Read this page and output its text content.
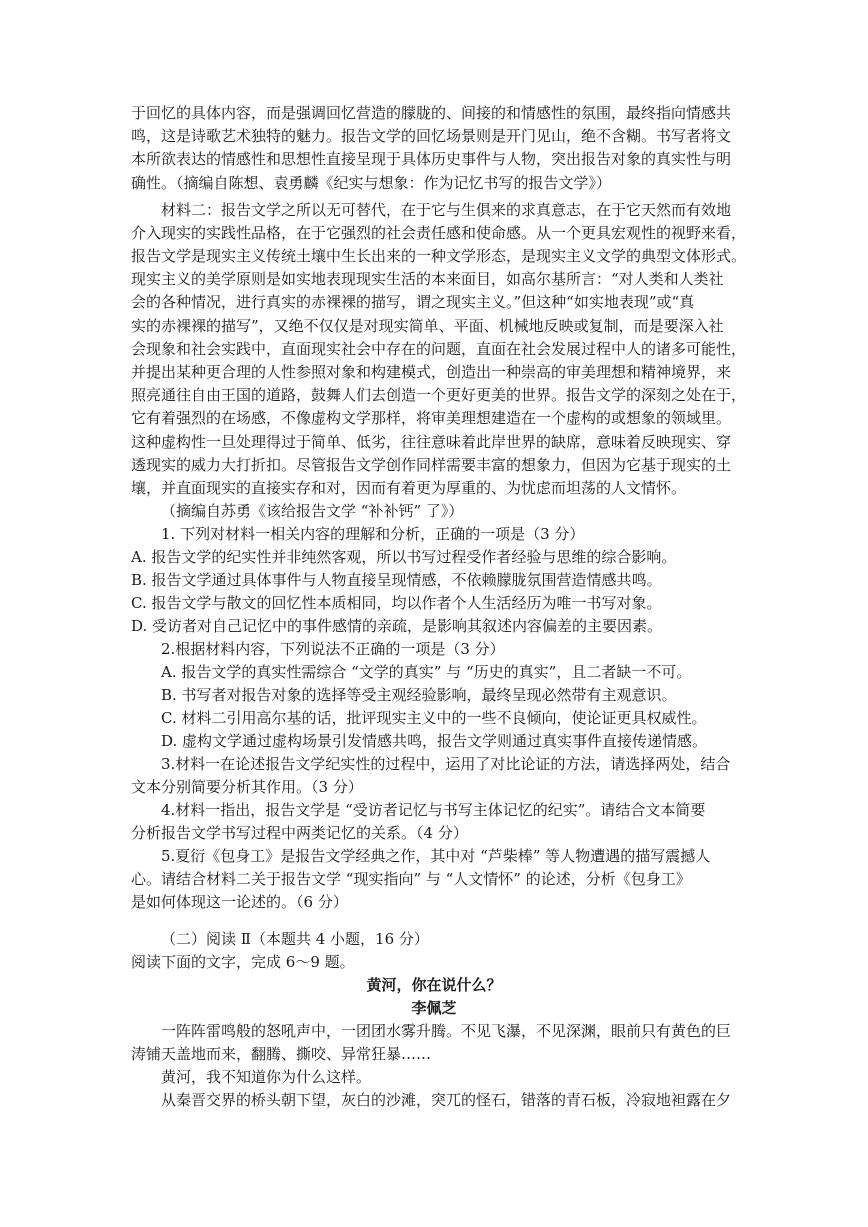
于回忆的具体内容，而是强调回忆营造的朦胧的、间接的和情感性的氛围，最终指向情感共
鸣，这是诗歌艺术独特的魅力。报告文学的回忆场景则是开门见山，绝不含糊。书写者将文
本所欲表达的情感性和思想性直接呈现于具体历史事件与人物，突出报告对象的真实性与明
确性。（摘编自陈想、袁勇麟《纪实与想象：作为记忆书写的报告文学》）
材料二：报告文学之所以无可替代，在于它与生俱来的求真意志，在于它天然而有效地
介入现实的实践性品格，在于它强烈的社会责任感和使命感。从一个更具宏观性的视野来看，
报告文学是现实主义传统土壤中生长出来的一种文学形态，是现实主义文学的典型文体形式。
现实主义的美学原则是如实地表现现实生活的本来面目，如高尔基所言：“对人类和人类社
会的各种情况，进行真实的赤裸裸的描写，谓之现实主义。”但这种“如实地表现”或“真
实的赤裸裸的描写”，又绝不仅仅是对现实简单、平面、机械地反映或复制，而是要深入社
会现象和社会实践中，直面现实社会中存在的问题，直面在社会发展过程中人的诸多可能性，
并提出某种更合理的人性参照对象和构建模式，创造出一种崇高的审美理想和精神境界，来
照亮通往自由王国的道路，鼓舞人们去创造一个更好更美的世界。报告文学的深刻之处在于，
它有着强烈的在场感，不像虚构文学那样，将审美理想建造在一个虚构的或想象的领域里。
这种虚构性一旦处理得过于简单、低劣，往往意味着此岸世界的缺席，意味着反映现实、穿
透现实的威力大打折扣。尽管报告文学创作同样需要丰富的想象力，但因为它基于现实的土
壤，并直面现实的直接实存和对，因而有着更为厚重的、为忧虑而坦荡的人文情怀。
（摘编自苏勇《该给报告文学 “补补钙” 了》）
1. 下列对材料一相关内容的理解和分析，正确的一项是（3 分）
A. 报告文学的纪实性并非纯然客观，所以书写过程受作者经验与思维的综合影响。
B. 报告文学通过具体事件与人物直接呈现情感，不依赖朦胧氛围营造情感共鸣。
C. 报告文学与散文的回忆性本质相同，均以作者个人生活经历为唯一书写对象。
D. 受访者对自己记忆中的事件感情的亲疏，是影响其叙述内容偏差的主要因素。
2.根据材料内容，下列说法不正确的一项是（3 分）
A. 报告文学的真实性需综合 “文学的真实” 与 “历史的真实”，且二者缺一不可。
B. 书写者对报告对象的选择等受主观经验影响，最终呈现必然带有主观意识。
C. 材料二引用高尔基的话，批评现实主义中的一些不良倾向，使论证更具权威性。
D. 虚构文学通过虚构场景引发情感共鸣，报告文学则通过真实事件直接传递情感。
3.材料一在论述报告文学纪实性的过程中，运用了对比论证的方法，请选择两处，结合
文本分别简要分析其作用。（3 分）
4.材料一指出，报告文学是 “受访者记忆与书写主体记忆的纪实”。请结合文本简要
分析报告文学书写过程中两类记忆的关系。（4 分）
5.夏衍《包身工》是报告文学经典之作，其中对 “芦柴棒” 等人物遭遇的描写震撼人
心。请结合材料二关于报告文学 “现实指向” 与 “人文情怀” 的论述，分析《包身工》
是如何体现这一论述的。（6 分）
（二）阅读 Ⅱ（本题共 4 小题，16 分）
阅读下面的文字，完成 6～9 题。
黄河，你在说什么？
李佩芝
一阵阵雷鸣般的怒吼声中，一团团水雾升腾。不见飞瀑，不见深渊，眼前只有黄色的巨
涛铺天盖地而来，翻腾、撕咬、异常狂暴……
黄河，我不知道你为什么这样。
从秦晋交界的桥头朝下望，灰白的沙滩，突兀的怪石，错落的青石板，冷寂地袒露在夕
